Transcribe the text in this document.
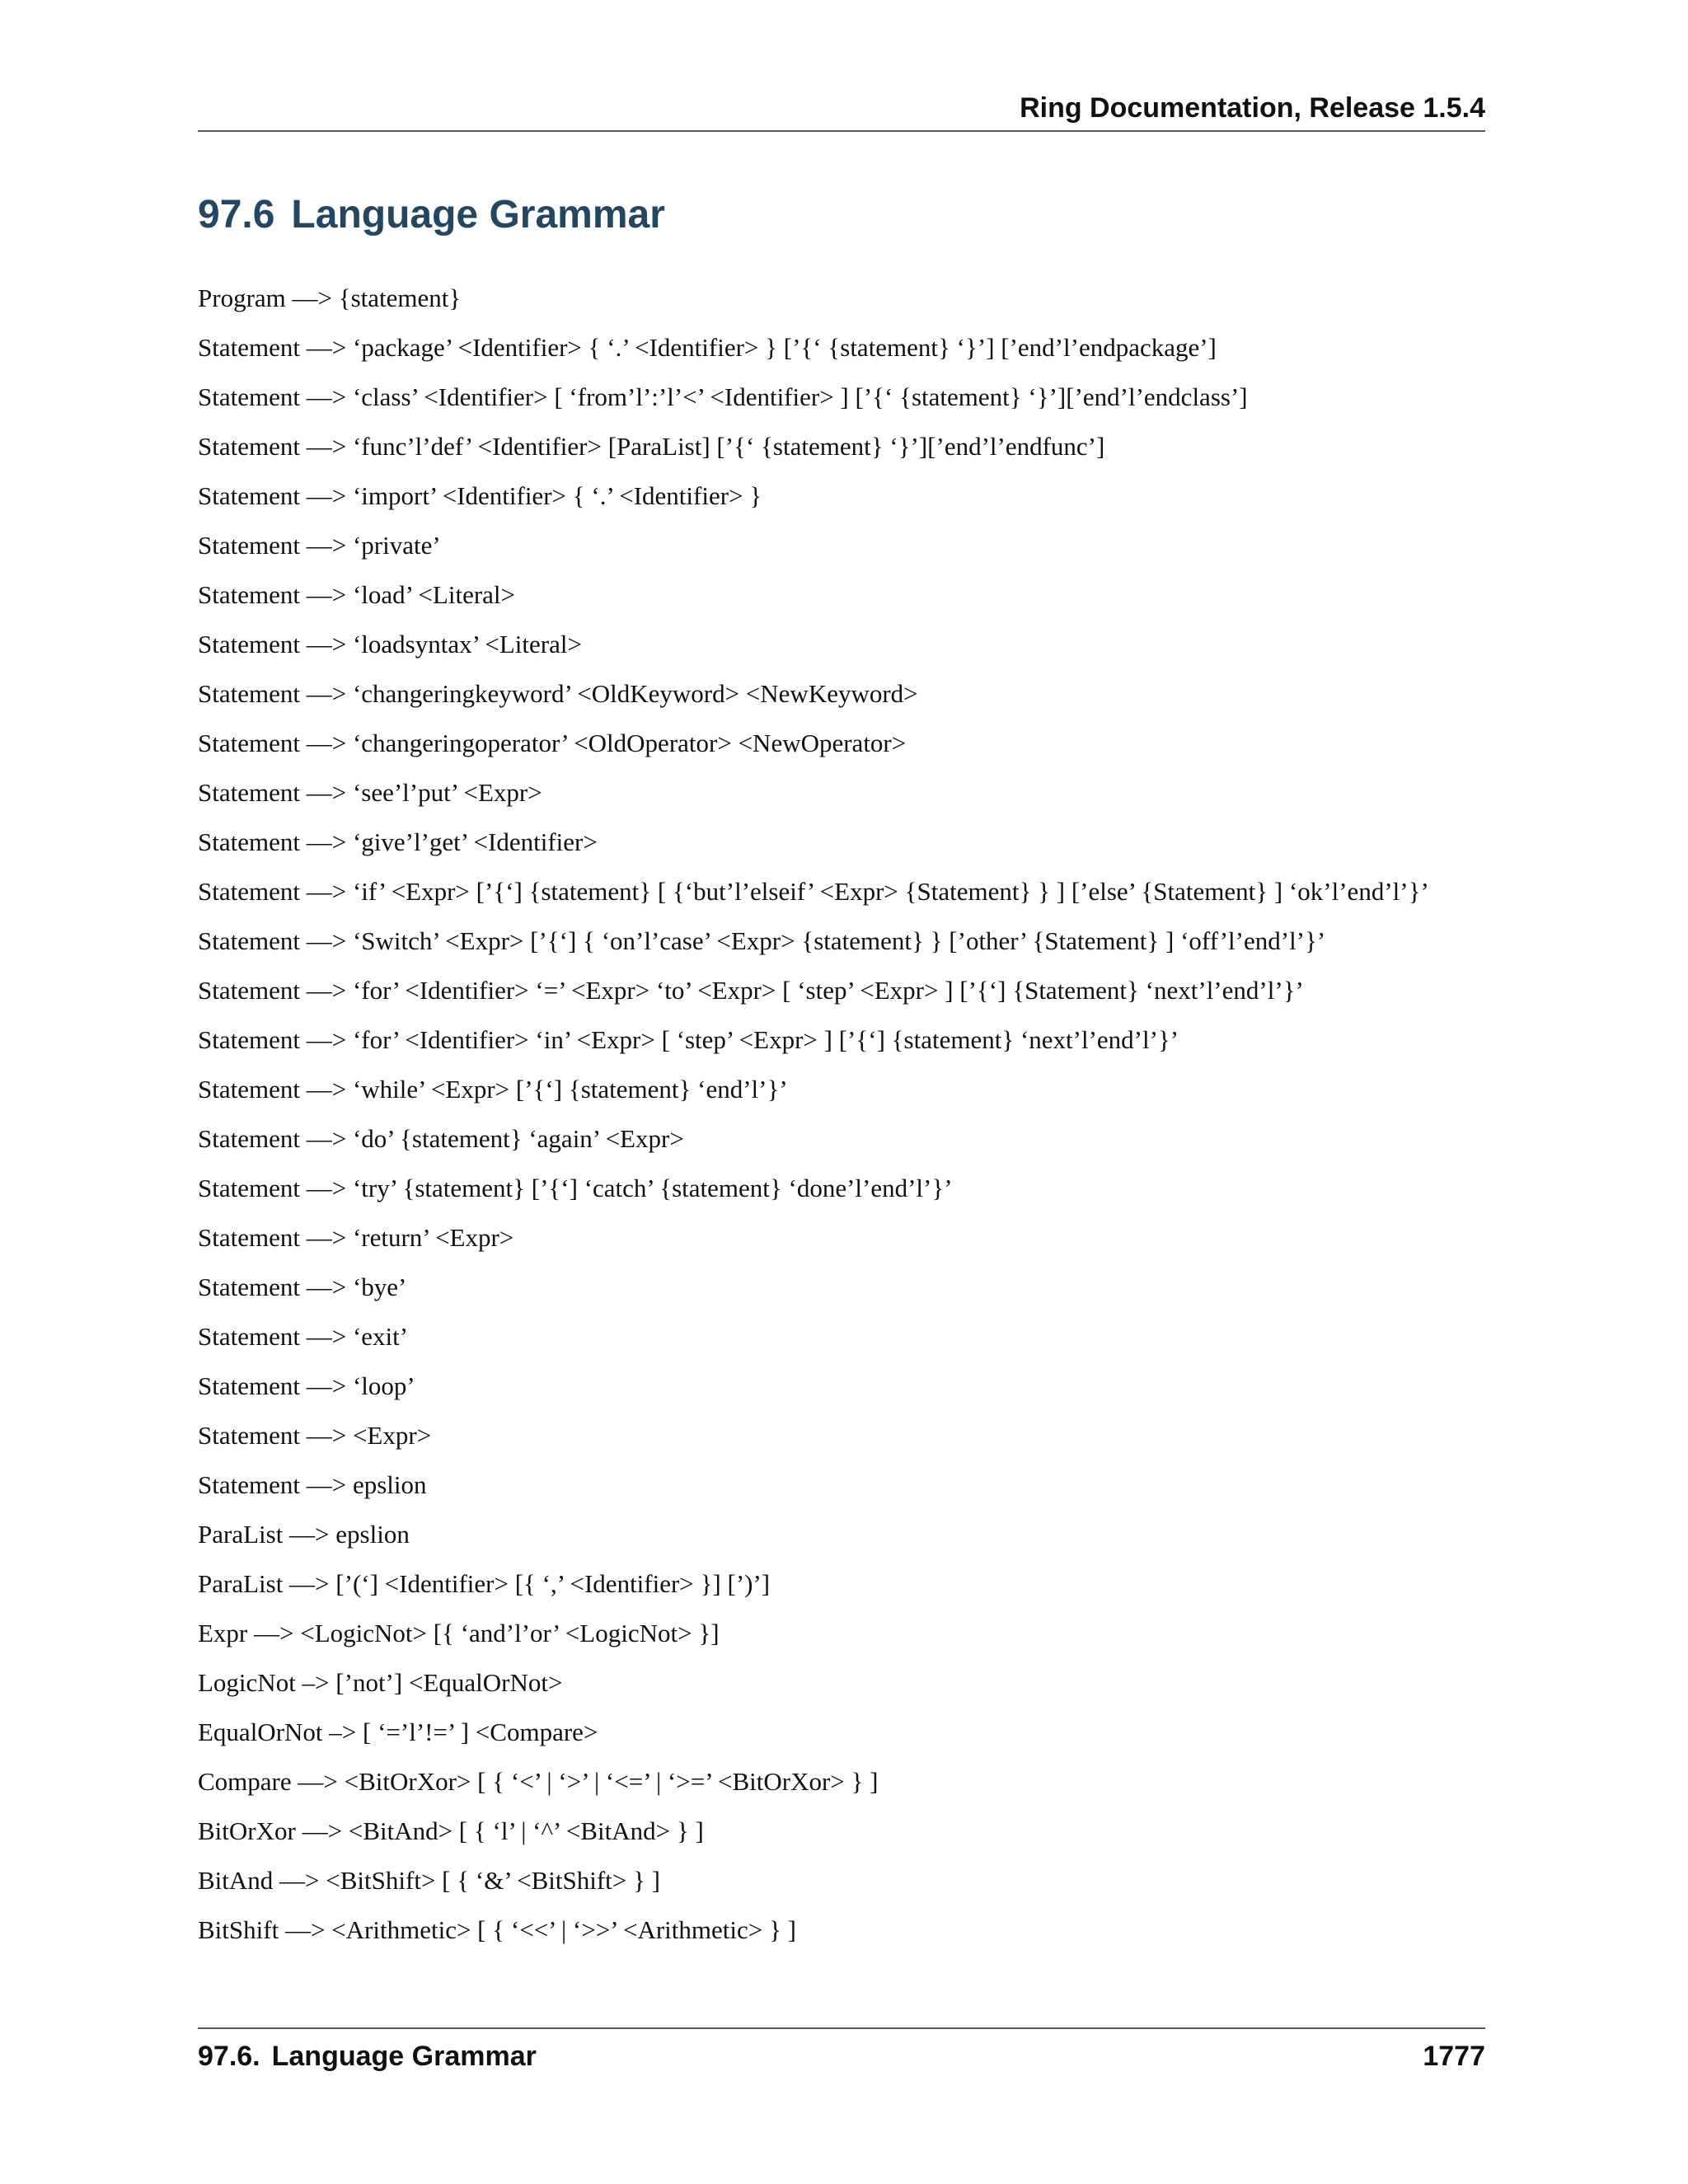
Ring Documentation, Release 1.5.4
97.6 Language Grammar
Program —> {statement}
Statement —> ‘package’ <Identifier> { ‘.’ <Identifier> } [’{‘ {statement} ‘}’] [’end’l’endpackage’]
Statement —> ‘class’ <Identifier> [ ‘from’l’:’l’<’ <Identifier> ] [’{‘ {statement} ‘}’][’end’l’endclass’]
Statement —> ‘func’l’def’ <Identifier> [ParaList] [’{‘ {statement} ‘}’][’end’l’endfunc’]
Statement —> ‘import’ <Identifier> { ‘.’ <Identifier> }
Statement —> ‘private’
Statement —> ‘load’ <Literal>
Statement —> ‘loadsyntax’ <Literal>
Statement —> ‘changeringkeyword’ <OldKeyword> <NewKeyword>
Statement —> ‘changeringoperator’ <OldOperator> <NewOperator>
Statement —> ‘see’l’put’ <Expr>
Statement —> ‘give’l’get’ <Identifier>
Statement —> ‘if’ <Expr> [’{‘] {statement} [ {‘but’l’elseif’ <Expr> {Statement} } ] [’else’ {Statement} ] ‘ok’l’end’l’}’
Statement —> ‘Switch’ <Expr> [’{‘] { ‘on’l’case’ <Expr> {statement} } [’other’ {Statement} ] ‘off’l’end’l’}’
Statement —> ‘for’ <Identifier> ‘=’ <Expr> ‘to’ <Expr> [ ‘step’ <Expr> ] [’{‘] {Statement} ‘next’l’end’l’}’
Statement —> ‘for’ <Identifier> ‘in’ <Expr> [ ‘step’ <Expr> ] [’{‘] {statement} ‘next’l’end’l’}’
Statement —> ‘while’ <Expr> [’{‘] {statement} ‘end’l’}’
Statement —> ‘do’ {statement} ‘again’ <Expr>
Statement —> ‘try’ {statement} [’{‘] ‘catch’ {statement} ‘done’l’end’l’}’
Statement —> ‘return’ <Expr>
Statement —> ‘bye’
Statement —> ‘exit’
Statement —> ‘loop’
Statement —> <Expr>
Statement —> epslion
ParaList —> epslion
ParaList —> [’(‘] <Identifier> [{ ‘,’ <Identifier> }] [’)’]
Expr —> <LogicNot> [{ ‘and’l’or’ <LogicNot> }]
LogicNot –> [’not’] <EqualOrNot>
EqualOrNot –> [ ‘=’l’!=’ ] <Compare>
Compare —> <BitOrXor> [ { ‘<’ | ‘>’ | ‘<=’ | ‘>=’ <BitOrXor> } ]
BitOrXor —> <BitAnd> [ { ‘l’ | ‘^’ <BitAnd> } ]
BitAnd —> <BitShift> [ { ‘&’ <BitShift> } ]
BitShift —> <Arithmetic> [ { ‘<<’ | ‘>>’ <Arithmetic> } ]
97.6. Language Grammar	1777
